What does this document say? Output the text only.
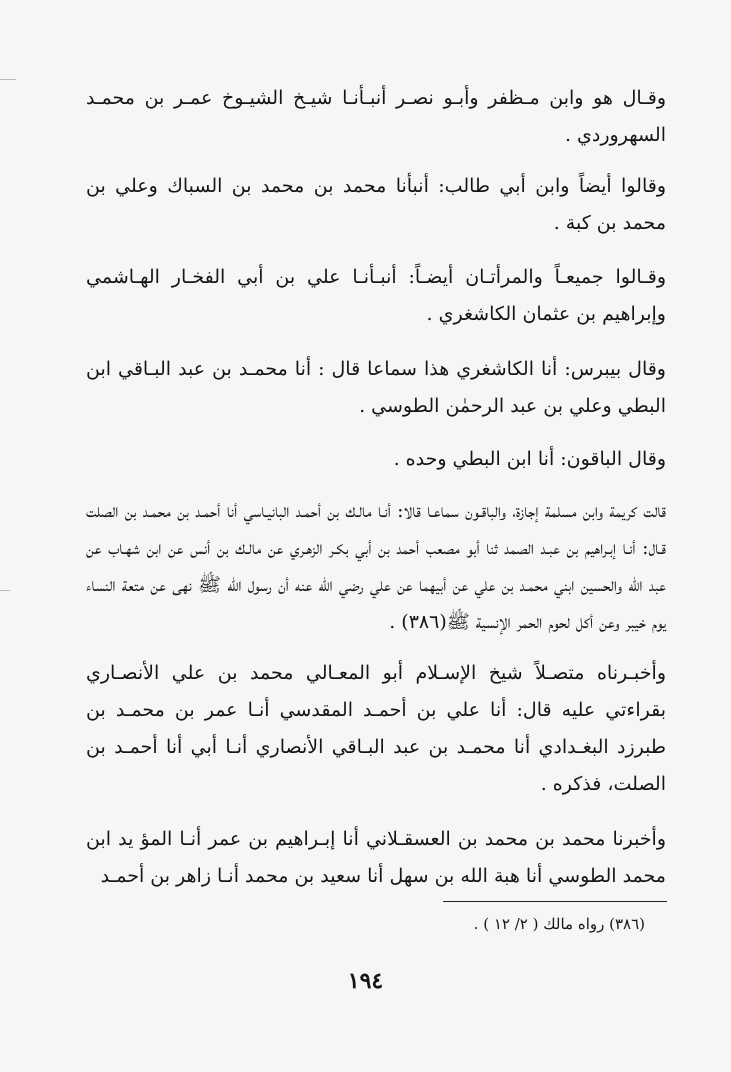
وقـال هو وابن مـظفر وأبـو نصـر أنبـأنـا شيـخ الشيـوخ عمـر بن محمـد السهروردي .

وقالوا أيضاً وابن أبي طالب: أنبأنا محمد بن محمد بن السباك وعلي بن محمد بن كبة .

وقـالوا جميعـاً والمرأتـان أيضـاً: أنبـأنـا علي بن أبي الفخـار الهـاشمي وإبراهيم بن عثمان الكاشغري .

وقال بيبرس: أنا الكاشغري هذا سماعا قال : أنا محمـد بن عبد البـاقي ابن البطي وعلي بن عبد الرحمٰن الطوسي .

وقال الباقون: أنا ابن البطي وحده .

قالت كريمة وابن مسلمة إجازة، والباقـون سماعـا قالا: أنـا مالـك بن أحمـد البانيـاسي أنا أحمـد بن محمـد بن الصلت قـال: أنـا إبـراهيم بن عبـد الصمد ثنا أبو مصعب أحمد بن أبي بكـر الزهـري عن مالـك بن أنس عن ابن شهـاب عن عبد الله والحسين ابني محمـد بن علي عن أبيهما عن علي رضي الله عنه أن رسول الله ﷺ نهى عن متعة النساء يوم خيبر وعن أكل لحوم الحمر الإنسية ﷺ(٣٨٦) .

وأخبـرناه متصـلاً شيخ الإسـلام أبو المعـالي محمد بن علي الأنصـاري بقراءتي عليه قال: أنا علي بن أحمـد المقدسي أنـا عمر بن محمـد بن طبرزد البغـدادي أنا محمـد بن عبد البـاقي الأنصاري أنـا أبي أنا أحمـد بن الصلت، فذكره .

وأخبرنا محمد بن محمد بن العسقـلاني أنا إبـراهيم بن عمر أنـا المؤ يد ابن محمد الطوسي أنا هبة الله بن سهل أنا سعيد بن محمد أنـا زاهر بن أحمـد

(٣٨٦) رواه مالك ( ٢/ ١٢ ) .
١٩٤
